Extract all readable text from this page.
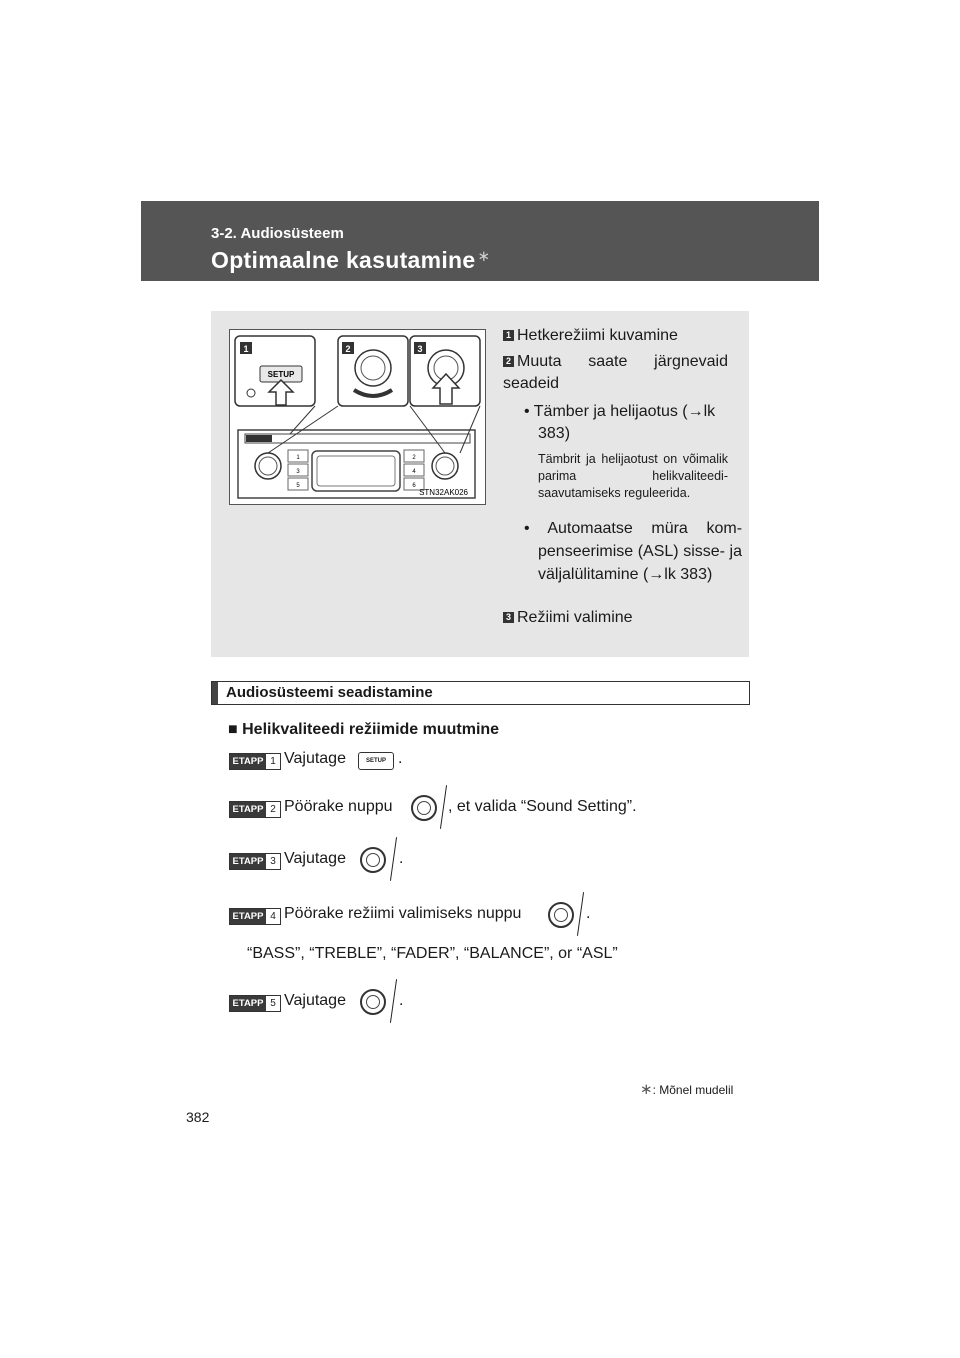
3-2. Audiosüsteem
Optimaalne kasutamine ∗
1	2	3
SETUP
1
3
5
2
4
6
STN32AK026
1 Hetkerežiimi kuvamine
2 Muuta saate järgnevaid seadeid
• Tämber ja helijaotus (→lk 383)
Tämbrit ja helijaotust on võimalik parima helikvaliteedisaavutamiseks reguleerida.
• Automaatse müra kompenseerimise (ASL) sisse- ja väljalülitamine (→lk 383)
3 Režiimi valimine
Audiosüsteemi seadistamine
■ Helikvaliteedi režiimide muutmine
ETAPP 1 Vajutage	SETUP .
ETAPP 2 Pöörake nuppu	, et valida “Sound Setting”.
ETAPP 3 Vajutage	.
ETAPP 4 Pöörake režiimi valimiseks nuppu	.
“BASS”, “TREBLE”, “FADER”, “BALANCE”, or “ASL”
ETAPP 5 Vajutage	.
∗: Mõnel mudelil
382
